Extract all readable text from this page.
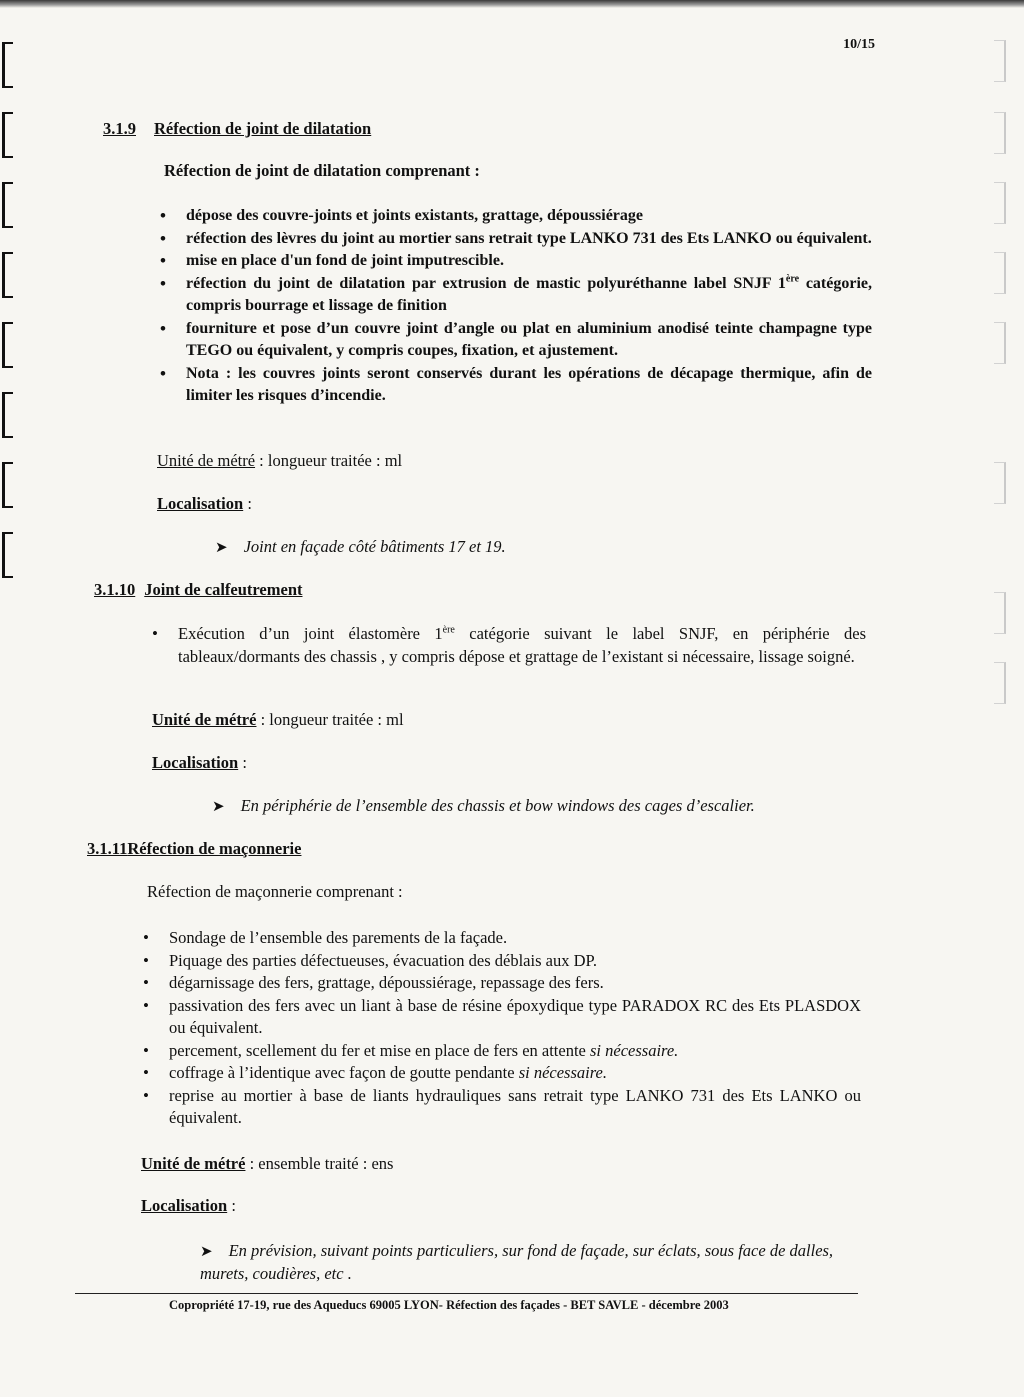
10/15
3.1.9 Réfection de joint de dilatation
Réfection de joint de dilatation comprenant :
• dépose des couvre-joints et joints existants, grattage, dépoussiérage
• réfection des lèvres du joint au mortier sans retrait type LANKO 731 des Ets LANKO ou équivalent.
• mise en place d'un fond de joint imputrescible.
• réfection du joint de dilatation par extrusion de mastic polyuréthanne label SNJF 1ère catégorie, compris bourrage et lissage de finition
• fourniture et pose d’un couvre joint d’angle ou plat en aluminium anodisé teinte champagne type TEGO ou équivalent, y compris coupes, fixation, et ajustement.
• Nota : les couvres joints seront conservés durant les opérations de décapage thermique, afin de limiter les risques d’incendie.
Unité de métré : longueur traitée : ml
Localisation :
➤ Joint en façade côté bâtiments 17 et 19.
3.1.10 Joint de calfeutrement
• Exécution d’un joint élastomère 1ère catégorie suivant le label SNJF, en périphérie des tableaux/dormants des chassis , y compris dépose et grattage de l’existant si nécessaire, lissage soigné.
Unité de métré : longueur traitée : ml
Localisation :
➤ En périphérie de l’ensemble des chassis et bow windows des cages d’escalier.
3.1.11Réfection de maçonnerie
Réfection de maçonnerie comprenant :
• Sondage de l’ensemble des parements de la façade.
• Piquage des parties défectueuses, évacuation des déblais aux DP.
• dégarnissage des fers, grattage, dépoussiérage, repassage des fers.
• passivation des fers avec un liant à base de résine époxydique type PARADOX RC des Ets PLASDOX ou équivalent.
• percement, scellement du fer et mise en place de fers en attente si nécessaire.
• coffrage à l’identique avec façon de goutte pendante si nécessaire.
• reprise au mortier à base de liants hydrauliques sans retrait type LANKO 731 des Ets LANKO ou équivalent.
Unité de métré : ensemble traité : ens
Localisation :
➤ En prévision, suivant points particuliers, sur fond de façade, sur éclats, sous face de dalles, murets, coudières, etc .
Copropriété 17-19, rue des Aqueducs 69005 LYON- Réfection des façades - BET SAVLE - décembre 2003
